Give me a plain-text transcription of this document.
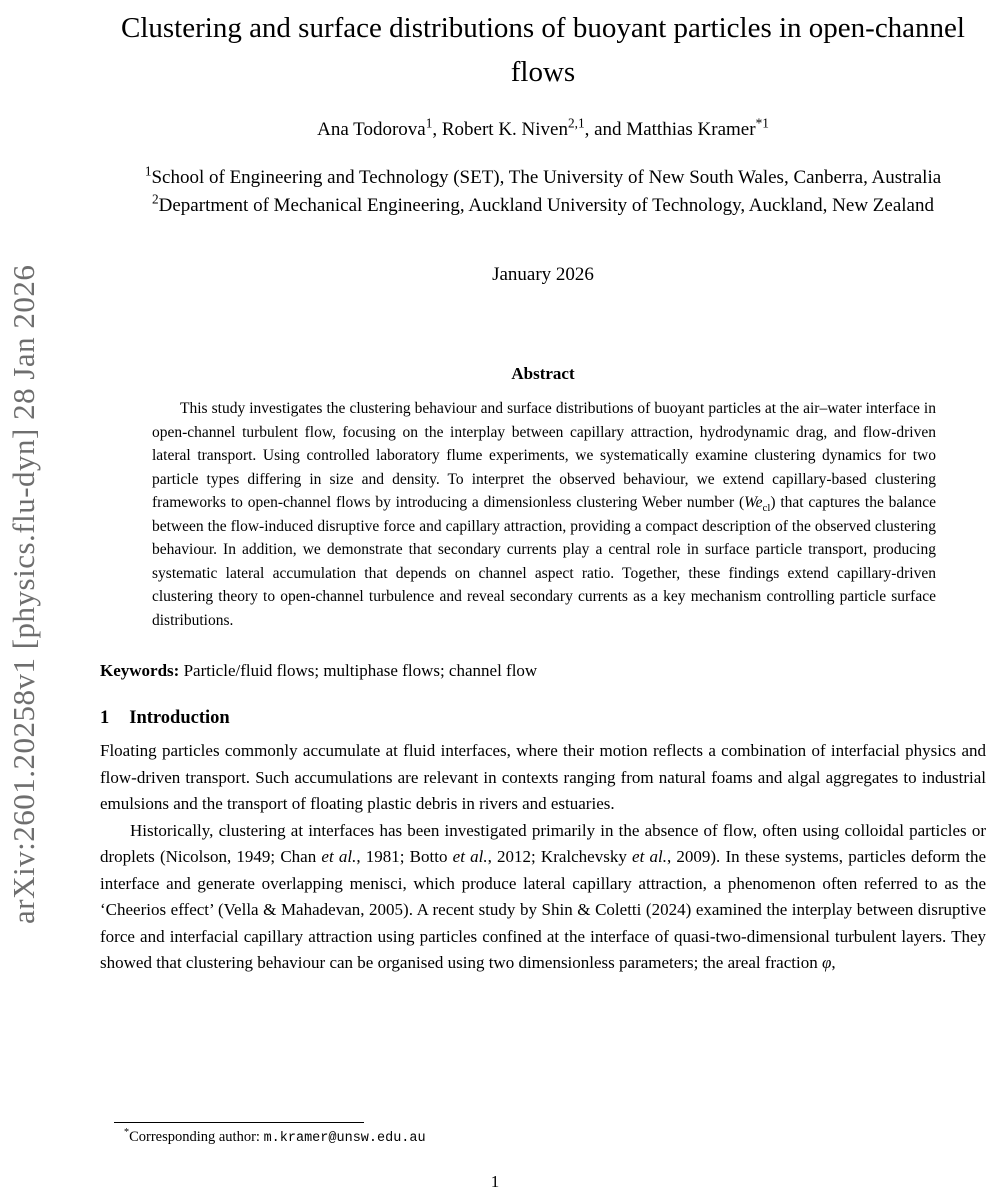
arXiv:2601.20258v1 [physics.flu-dyn] 28 Jan 2026
Clustering and surface distributions of buoyant particles in open-channel flows
Ana Todorova$^1$, Robert K. Niven$^{2,1}$, and Matthias Kramer$^{*1}$
$^1$School of Engineering and Technology (SET), The University of New South Wales, Canberra, Australia
$^2$Department of Mechanical Engineering, Auckland University of Technology, Auckland, New Zealand
January 2026
Abstract

This study investigates the clustering behaviour and surface distributions of buoyant particles at the air–water interface in open-channel turbulent flow, focusing on the interplay between capillary attraction, hydrodynamic drag, and flow-driven lateral transport. Using controlled laboratory flume experiments, we systematically examine clustering dynamics for two particle types differing in size and density. To interpret the observed behaviour, we extend capillary-based clustering frameworks to open-channel flows by introducing a dimensionless clustering Weber number $(We_{cl})$ that captures the balance between the flow-induced disruptive force and capillary attraction, providing a compact description of the observed clustering behaviour. In addition, we demonstrate that secondary currents play a central role in surface particle transport, producing systematic lateral accumulation that depends on channel aspect ratio. Together, these findings extend capillary-driven clustering theory to open-channel turbulence and reveal secondary currents as a key mechanism controlling particle surface distributions.

Keywords: Particle/fluid flows; multiphase flows; channel flow
1 Introduction

Floating particles commonly accumulate at fluid interfaces, where their motion reflects a combination of interfacial physics and flow-driven transport. Such accumulations are relevant in contexts ranging from natural foams and algal aggregates to industrial emulsions and the transport of floating plastic debris in rivers and estuaries.

Historically, clustering at interfaces has been investigated primarily in the absence of flow, often using colloidal particles or droplets (Nicolson, 1949; Chan et al., 1981; Botto et al., 2012; Kralchevsky et al., 2009). In these systems, particles deform the interface and generate overlapping menisci, which produce lateral capillary attraction, a phenomenon often referred to as the ‘Cheerios effect’ (Vella & Mahadevan, 2005). A recent study by Shin & Coletti (2024) examined the interplay between disruptive force and interfacial capillary attraction using particles confined at the interface of quasi-two-dimensional turbulent layers. They showed that clustering behaviour can be organised using two dimensionless parameters; the areal fraction φ,

*Corresponding author: m.kramer@unsw.edu.au
1
